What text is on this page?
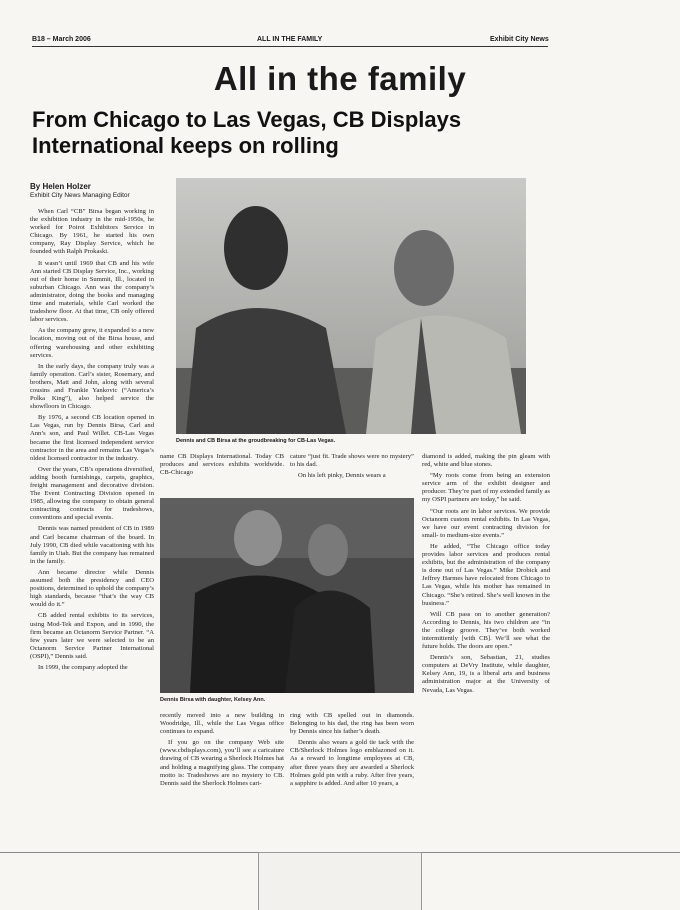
B18 – March 2006	ALL IN THE FAMILY	Exhibit City News
All in the family
From Chicago to Las Vegas, CB Displays International keeps on rolling
By Helen Holzer
Exhibit City News Managing Editor

When Carl “CB” Birsa began working in the exhibition industry in the mid-1950s, he worked for Poirot Exhibitors Service in Chicago. By 1961, he started his own company, Ray Display Service, which he founded with Ralph Prokaski.

It wasn’t until 1969 that CB and his wife Ann started CB Display Service, Inc., working out of their home in Summit, Ill., located in suburban Chicago. Ann was the company’s administrator, doing the books and managing time and materials, while Carl worked the tradeshow floor. At that time, CB only offered labor services.

As the company grew, it expanded to a new location, moving out of the Birsa house, and offering warehousing and other exhibiting services.

In the early days, the company truly was a family operation. Carl’s sister, Rosemary, and brothers, Matt and John, along with several cousins and Frankie Yankovic (“America’s Polka King”), also helped service the showfloors in Chicago.

By 1976, a second CB location opened in Las Vegas, run by Dennis Birsa, Carl and Ann’s son, and Paul Willet. CB-Las Vegas became the first licensed independent service contractor in the area and remains Las Vegas’s oldest licensed contractor in the industry.

Over the years, CB’s operations diversified, adding booth furnishings, carpets, graphics, freight management and decorative division. The Event Contracting Division opened in 1985, allowing the company to obtain general contracting contracts for tradeshows, conventions and special events.

Dennis was named president of CB in 1989 and Carl became chairman of the board. In July 1990, CB died while vacationing with his family in Utah. But the company has remained in the family.

Ann became director while Dennis assumed both the presidency and CEO positions, determined to uphold the company’s high standards, because “that’s the way CB would do it.”

CB added rental exhibits to its services, using Mod-Tek and Expon, and in 1990, the firm became an Octanorm Service Partner. “A few years later we were selected to be an Octanorm Service Partner International (OSPI),” Dennis said.

In 1999, the company adopted the

Dennis and CB Birsa at the groudbreaking for CB-Las Vegas.

name CB Displays International. Today CB produces and services exhibits worldwide. CB-Chicago

cature “just fit. Trade shows were no mystery” to his dad.

On his left pinky, Dennis wears a

Dennis Birsa with daughter, Kelsey Ann.

recently moved into a new building in Woodridge, Ill., while the Las Vegas office continues to expand.

If you go on the company Web site (www.cbdisplays.com), you’ll see a caricature drawing of CB wearing a Sherlock Holmes hat and holding a magnifying glass. The company motto is: Tradeshows are no mystery to CB. Dennis said the Sherlock Holmes cari-

ring with CB spelled out in diamonds. Belonging to his dad, the ring has been worn by Dennis since his father’s death.

Dennis also wears a gold tie tack with the CB/Sherlock Holmes logo emblazoned on it. As a reward to longtime employees at CB, after three years they are awarded a Sherlock Holmes gold pin with a ruby. After five years, a sapphire is added. And after 10 years, a

diamond is added, making the pin gleam with red, white and blue stones.

“My roots come from being an extension service arm of the exhibit designer and producer. They’re part of my extended family as my OSPI partners are today,” he said.

“Our roots are in labor services. We provide Octanorm custom rental exhibits. In Las Vegas, we have our event contracting division for small- to medium-size events.”

He added, “The Chicago office today provides labor services and produces rental exhibits, but the administration of the company is done out of Las Vegas.” Mike Drobick and Jeffrey Harmes have relocated from Chicago to Las Vegas, while his mother has remained in Chicago. “She’s retired. She’s well known in the business.”

Will CB pass on to another generation? According to Dennis, his two children are “in the college groove. They’ve both worked intermittently [with CB]. We’ll see what the future holds. The doors are open.”

Dennis’s son, Sebastian, 21, studies computers at DeVry Institute, while daughter, Kelsey Ann, 19, is a liberal arts and business administration major at the University of Nevada, Las Vegas.
